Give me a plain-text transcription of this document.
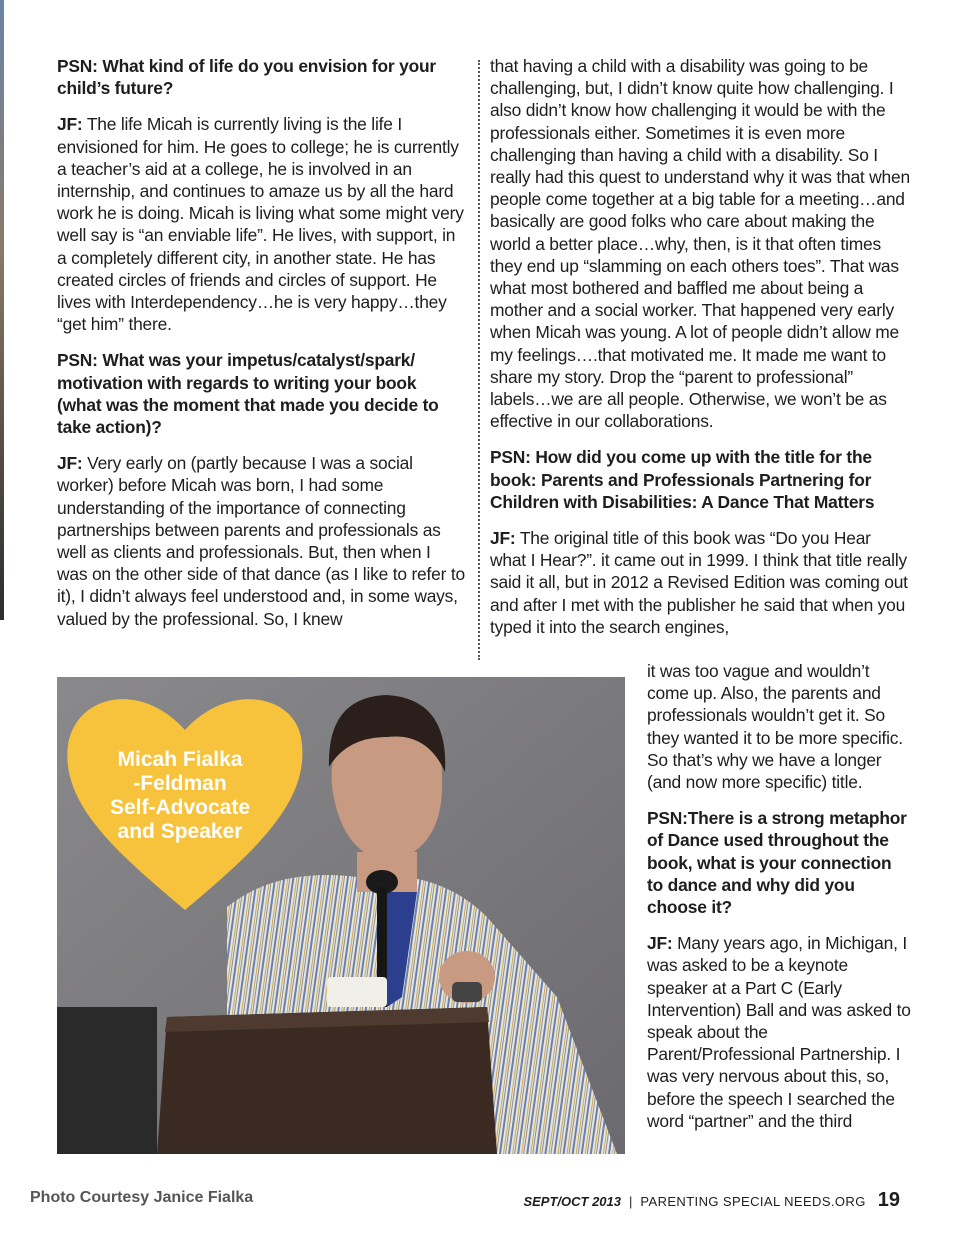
PSN: What kind of life do you envision for your child’s future?

JF: The life Micah is currently living is the life I envisioned for him. He goes to college; he is currently a teacher’s aid at a college, he is involved in an internship, and continues to amaze us by all the hard work he is doing. Micah is living what some might very well say is “an enviable life”. He lives, with support, in a completely different city, in another state. He has created circles of friends and circles of support. He lives with Interdependency…he is very happy…they “get him” there.

PSN: What was your impetus/catalyst/spark/ motivation with regards to writing your book (what was the moment that made you decide to take action)?

JF: Very early on (partly because I was a social worker) before Micah was born, I had some understanding of the importance of connecting partnerships between parents and professionals as well as clients and professionals. But, then when I was on the other side of that dance (as I like to refer to it), I didn’t always feel understood and, in some ways, valued by the professional. So, I knew

that having a child with a disability was going to be challenging, but, I didn’t know quite how challenging. I also didn’t know how challenging it would be with the professionals either. Sometimes it is even more challenging than having a child with a disability. So I really had this quest to understand why it was that when people come together at a big table for a meeting…and basically are good folks who care about making the world a better place…why, then, is it that often times they end up “slamming on each others toes”. That was what most bothered and baffled me about being a mother and a social worker. That happened very early when Micah was young. A lot of people didn’t allow me my feelings….that motivated me. It made me want to share my story. Drop the “parent to professional” labels…we are all people. Otherwise, we won’t be as effective in our collaborations.

PSN: How did you come up with the title for the book: Parents and Professionals Partnering for Children with Disabilities: A Dance That Matters

JF: The original title of this book was “Do you Hear what I Hear?”. it came out in 1999. I think that title really said it all, but in 2012 a Revised Edition was coming out and after I met with the publisher he said that when you typed it into the search engines,

it was too vague and wouldn’t come up. Also, the parents and professionals wouldn’t get it. So they wanted it to be more specific. So that’s why we have a longer (and now more specific) title.

PSN:There is a strong metaphor of Dance used throughout the book, what is your connection to dance and why did you choose it?

JF: Many years ago, in Michigan, I was asked to be a keynote speaker at a Part C (Early Intervention) Ball and was asked to speak about the Parent/Professional Partnership. I was very nervous about this, so, before the speech I searched the word “partner” and the third

Micah Fialka
-Feldman
Self-Advocate
and Speaker
Photo Courtesy Janice Fialka	SEPT/OCT 2013 | PARENTING SPECIAL NEEDS.ORG 19
